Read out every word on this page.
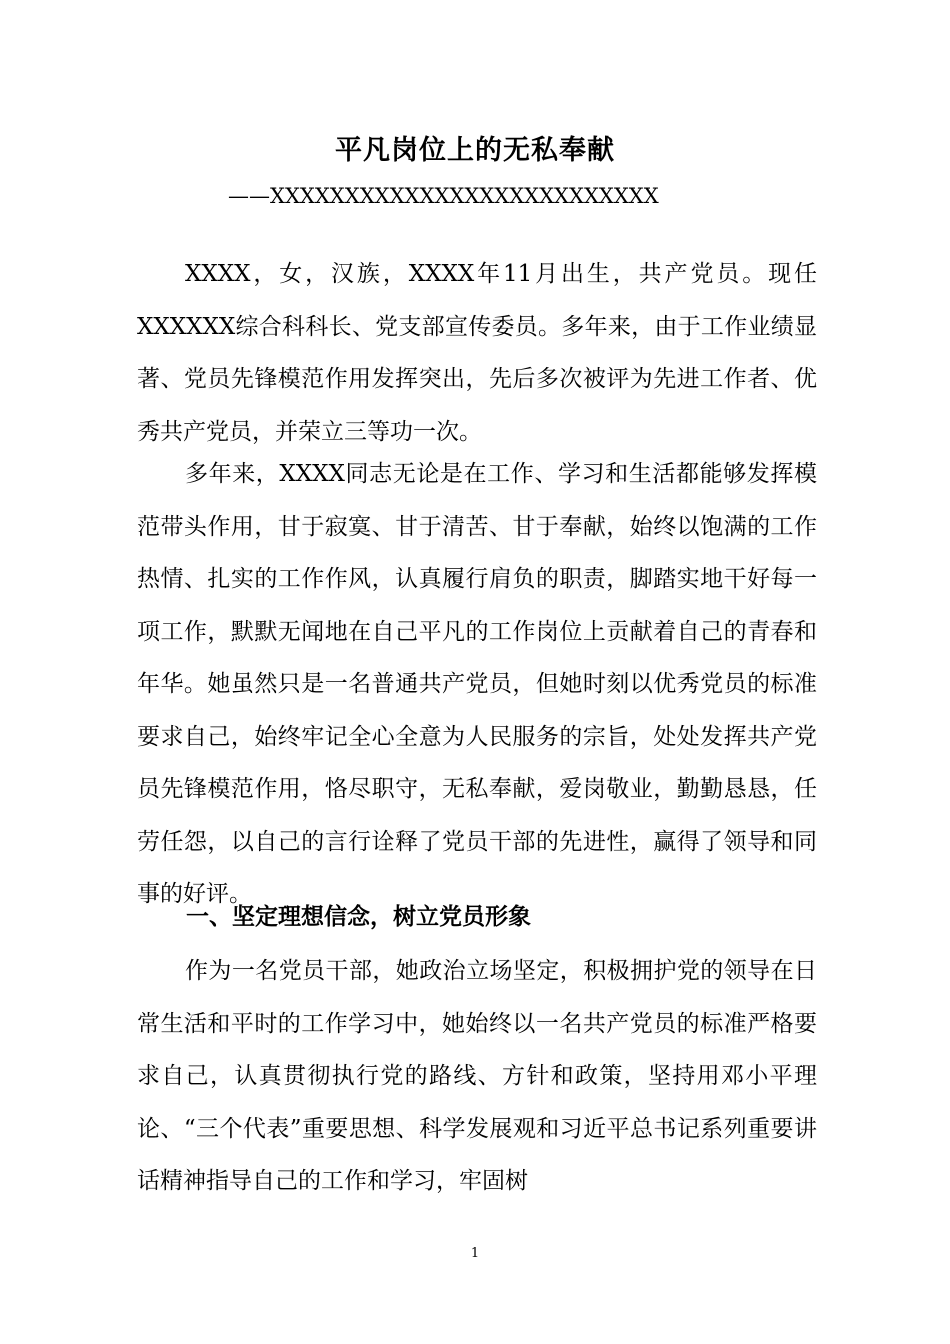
平凡岗位上的无私奉献
——XXXXXXXXXXXXXXXXXXXXXXXXXX

XXXX，女，汉族，XXXX年11月出生，共产党员。现任XXXXXX综合科科长、党支部宣传委员。多年来，由于工作业绩显著、党员先锋模范作用发挥突出，先后多次被评为先进工作者、优秀共产党员，并荣立三等功一次。

多年来，XXXX同志无论是在工作、学习和生活都能够发挥模范带头作用，甘于寂寞、甘于清苦、甘于奉献，始终以饱满的工作热情、扎实的工作作风，认真履行肩负的职责，脚踏实地干好每一项工作，默默无闻地在自己平凡的工作岗位上贡献着自己的青春和年华。她虽然只是一名普通共产党员，但她时刻以优秀党员的标准要求自己，始终牢记全心全意为人民服务的宗旨，处处发挥共产党员先锋模范作用，恪尽职守，无私奉献，爱岗敬业，勤勤恳恳，任劳任怨，以自己的言行诠释了党员干部的先进性，赢得了领导和同事的好评。

一、坚定理想信念，树立党员形象

作为一名党员干部，她政治立场坚定，积极拥护党的领导在日常生活和平时的工作学习中，她始终以一名共产党员的标准严格要求自己，认真贯彻执行党的路线、方针和政策，坚持用邓小平理论、“三个代表”重要思想、科学发展观和习近平总书记系列重要讲话精神指导自己的工作和学习，牢固树

1
